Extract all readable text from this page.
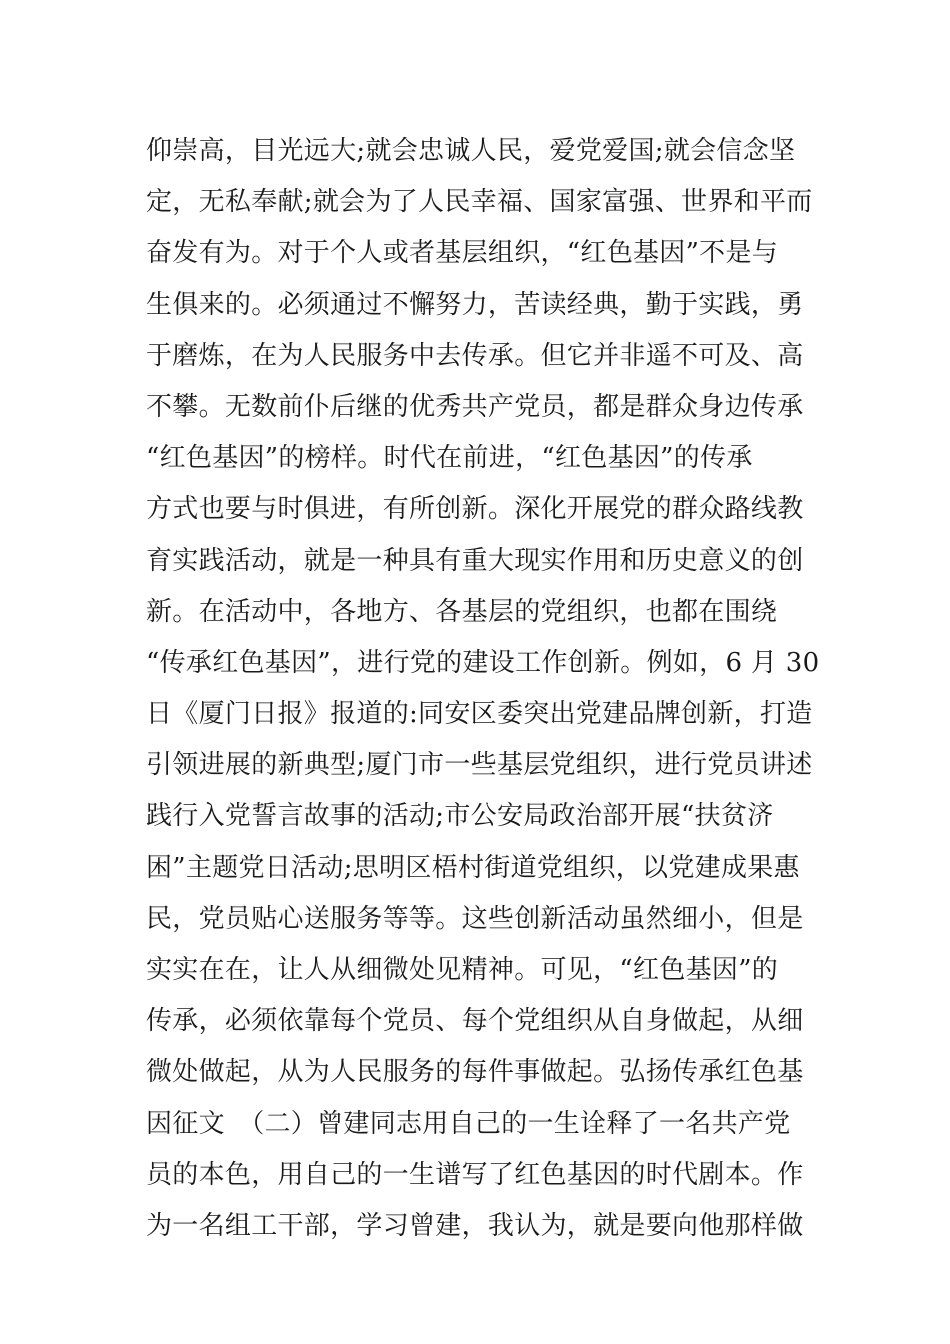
仰崇高，目光远大;就会忠诚人民，爱党爱国;就会信念坚
定，无私奉献;就会为了人民幸福、国家富强、世界和平而
奋发有为。对于个人或者基层组织，“红色基因”不是与
生俱来的。必须通过不懈努力，苦读经典，勤于实践，勇
于磨炼，在为人民服务中去传承。但它并非遥不可及、高
不攀。无数前仆后继的优秀共产党员，都是群众身边传承
“红色基因”的榜样。时代在前进，“红色基因”的传承
方式也要与时俱进，有所创新。深化开展党的群众路线教
育实践活动，就是一种具有重大现实作用和历史意义的创
新。在活动中，各地方、各基层的党组织，也都在围绕
“传承红色基因”，进行党的建设工作创新。例如，6 月 30
日《厦门日报》报道的:同安区委突出党建品牌创新，打造
引领进展的新典型;厦门市一些基层党组织，进行党员讲述
践行入党誓言故事的活动;市公安局政治部开展“扶贫济
困”主题党日活动;思明区梧村街道党组织，以党建成果惠
民，党员贴心送服务等等。这些创新活动虽然细小，但是
实实在在，让人从细微处见精神。可见，“红色基因”的
传承，必须依靠每个党员、每个党组织从自身做起，从细
微处做起，从为人民服务的每件事做起。弘扬传承红色基
因征文　（二）曾建同志用自己的一生诠释了一名共产党
员的本色，用自己的一生谱写了红色基因的时代剧本。作
为一名组工干部，学习曾建，我认为，就是要向他那样做
